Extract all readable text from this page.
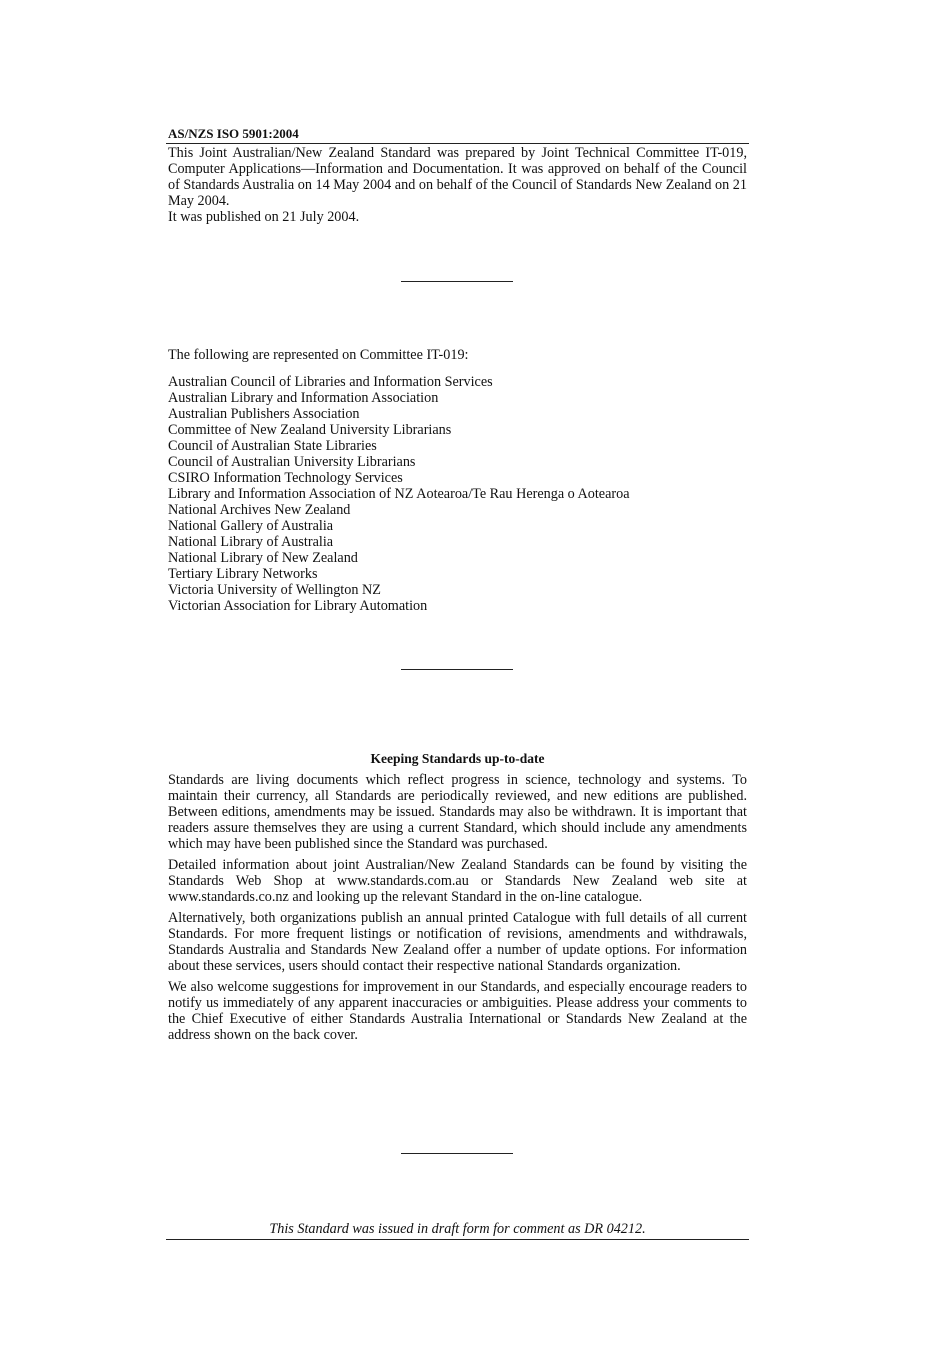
AS/NZS ISO 5901:2004

This Joint Australian/New Zealand Standard was prepared by Joint Technical Committee IT-019, Computer Applications—Information and Documentation. It was approved on behalf of the Council of Standards Australia on 14 May 2004 and on behalf of the Council of Standards New Zealand on 21 May 2004.

It was published on 21 July 2004.

The following are represented on Committee IT-019:

Australian Council of Libraries and Information Services
Australian Library and Information Association
Australian Publishers Association
Committee of New Zealand University Librarians
Council of Australian State Libraries
Council of Australian University Librarians
CSIRO Information Technology Services
Library and Information Association of NZ Aotearoa/Te Rau Herenga o Aotearoa
National Archives New Zealand
National Gallery of Australia
National Library of Australia
National Library of New Zealand
Tertiary Library Networks
Victoria University of Wellington NZ
Victorian Association for Library Automation
Keeping Standards up-to-date

Standards are living documents which reflect progress in science, technology and systems. To maintain their currency, all Standards are periodically reviewed, and new editions are published. Between editions, amendments may be issued. Standards may also be withdrawn. It is important that readers assure themselves they are using a current Standard, which should include any amendments which may have been published since the Standard was purchased.

Detailed information about joint Australian/New Zealand Standards can be found by visiting the Standards Web Shop at www.standards.com.au or Standards New Zealand web site at www.standards.co.nz and looking up the relevant Standard in the on-line catalogue.

Alternatively, both organizations publish an annual printed Catalogue with full details of all current Standards. For more frequent listings or notification of revisions, amendments and withdrawals, Standards Australia and Standards New Zealand offer a number of update options. For information about these services, users should contact their respective national Standards organization.

We also welcome suggestions for improvement in our Standards, and especially encourage readers to notify us immediately of any apparent inaccuracies or ambiguities. Please address your comments to the Chief Executive of either Standards Australia International or Standards New Zealand at the address shown on the back cover.

This Standard was issued in draft form for comment as DR 04212.
